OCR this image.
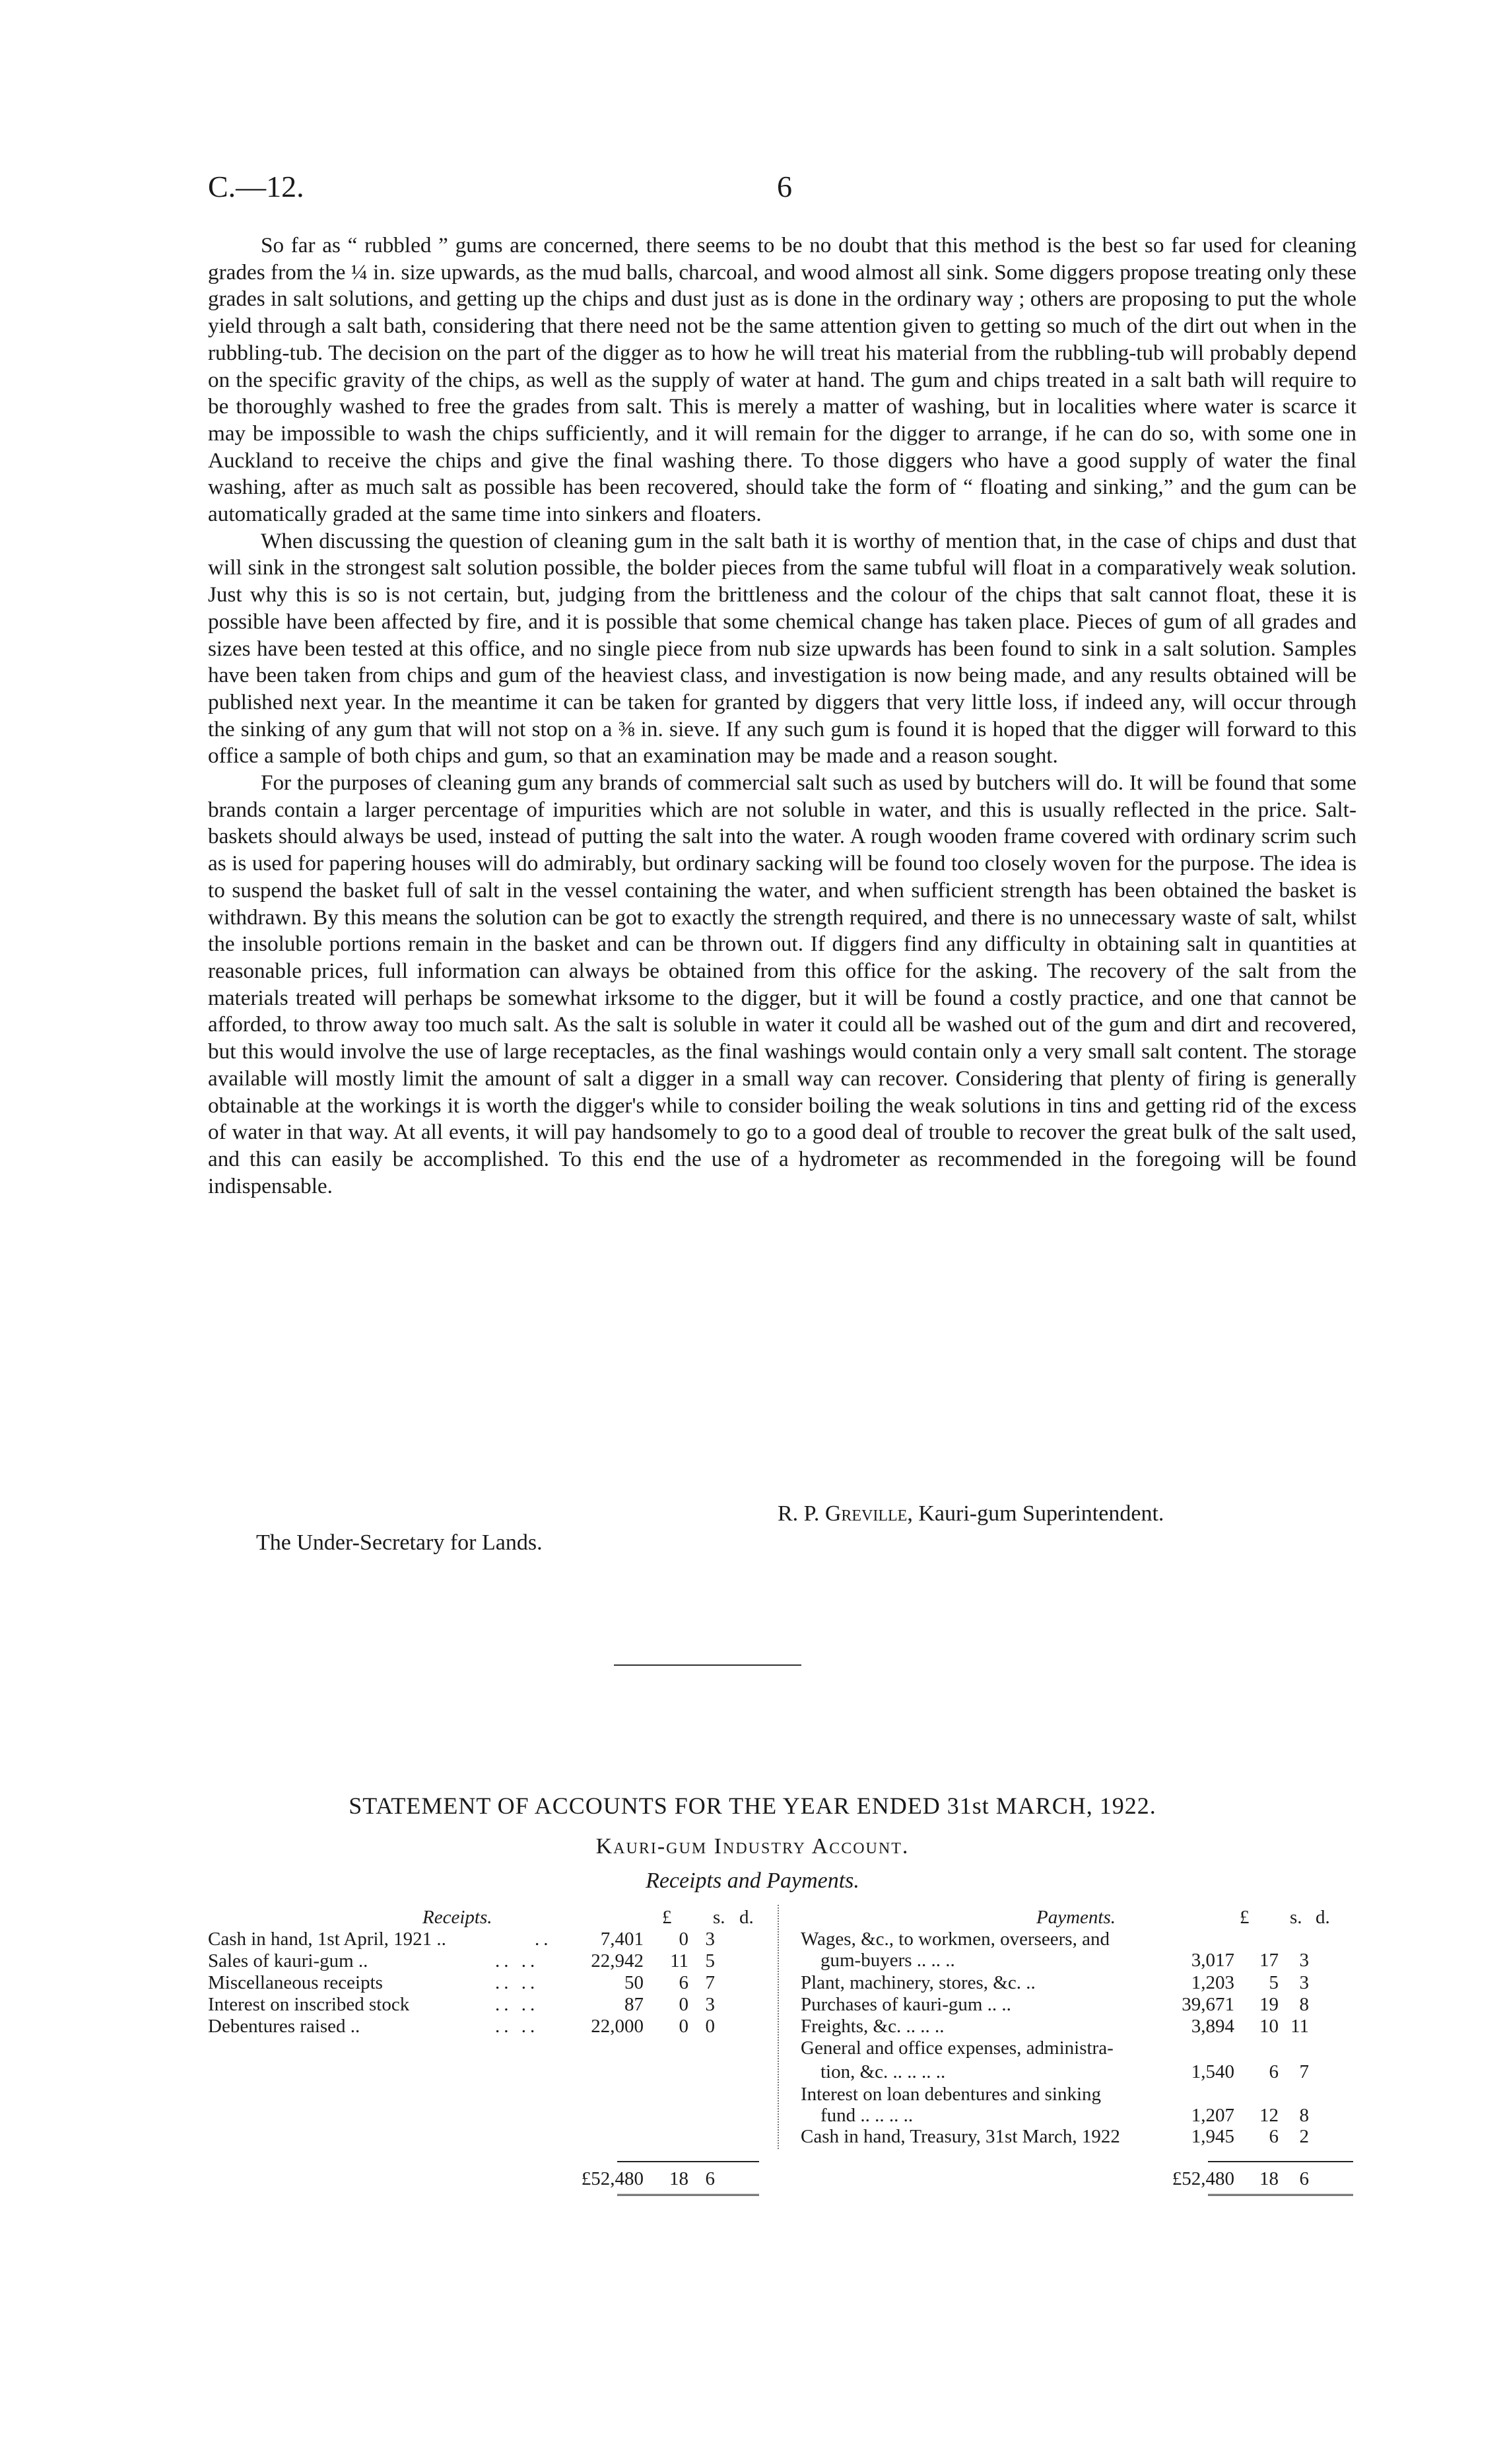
C.—12.	6

So far as “ rubbled ” gums are concerned, there seems to be no doubt that this method is the best so far used for cleaning grades from the ¼ in. size upwards, as the mud balls, charcoal, and wood almost all sink. Some diggers propose treating only these grades in salt solutions, and getting up the chips and dust just as is done in the ordinary way ; others are proposing to put the whole yield through a salt bath, considering that there need not be the same attention given to getting so much of the dirt out when in the rubbling-tub. The decision on the part of the digger as to how he will treat his material from the rubbling-tub will probably depend on the specific gravity of the chips, as well as the supply of water at hand. The gum and chips treated in a salt bath will require to be thoroughly washed to free the grades from salt. This is merely a matter of washing, but in localities where water is scarce it may be impossible to wash the chips sufficiently, and it will remain for the digger to arrange, if he can do so, with some one in Auckland to receive the chips and give the final washing there. To those diggers who have a good supply of water the final washing, after as much salt as possible has been recovered, should take the form of “ floating and sinking,” and the gum can be automatically graded at the same time into sinkers and floaters.

When discussing the question of cleaning gum in the salt bath it is worthy of mention that, in the case of chips and dust that will sink in the strongest salt solution possible, the bolder pieces from the same tubful will float in a comparatively weak solution. Just why this is so is not certain, but, judging from the brittleness and the colour of the chips that salt cannot float, these it is possible have been affected by fire, and it is possible that some chemical change has taken place. Pieces of gum of all grades and sizes have been tested at this office, and no single piece from nub size upwards has been found to sink in a salt solution. Samples have been taken from chips and gum of the heaviest class, and investigation is now being made, and any results obtained will be published next year. In the meantime it can be taken for granted by diggers that very little loss, if indeed any, will occur through the sinking of any gum that will not stop on a ⅜ in. sieve. If any such gum is found it is hoped that the digger will forward to this office a sample of both chips and gum, so that an examination may be made and a reason sought.

For the purposes of cleaning gum any brands of commercial salt such as used by butchers will do. It will be found that some brands contain a larger percentage of impurities which are not soluble in water, and this is usually reflected in the price. Salt-baskets should always be used, instead of putting the salt into the water. A rough wooden frame covered with ordinary scrim such as is used for papering houses will do admirably, but ordinary sacking will be found too closely woven for the purpose. The idea is to suspend the basket full of salt in the vessel containing the water, and when sufficient strength has been obtained the basket is withdrawn. By this means the solution can be got to exactly the strength required, and there is no unnecessary waste of salt, whilst the insoluble portions remain in the basket and can be thrown out. If diggers find any difficulty in obtaining salt in quantities at reasonable prices, full information can always be obtained from this office for the asking. The recovery of the salt from the materials treated will perhaps be somewhat irksome to the digger, but it will be found a costly practice, and one that cannot be afforded, to throw away too much salt. As the salt is soluble in water it could all be washed out of the gum and dirt and recovered, but this would involve the use of large receptacles, as the final washings would contain only a very small salt content. The storage available will mostly limit the amount of salt a digger in a small way can recover. Considering that plenty of firing is generally obtainable at the workings it is worth the digger's while to consider boiling the weak solutions in tins and getting rid of the excess of water in that way. At all events, it will pay handsomely to go to a good deal of trouble to recover the great bulk of the salt used, and this can easily be accomplished. To this end the use of a hydrometer as recommended in the foregoing will be found indispensable.

R. P. Greville, Kauri-gum Superintendent.
The Under-Secretary for Lands.
STATEMENT OF ACCOUNTS FOR THE YEAR ENDED 31st MARCH, 1922.
Kauri-gum Industry Account.
Receipts and Payments.
Receipts.	£ s. d.	Payments.	£ s. d.
Cash in hand, 1st April, 1921 ..	..	7,401 0 3
Sales of kauri-gum ..	.. ..	22,942 11 5
Miscellaneous receipts	.. ..	50 6 7
Interest on inscribed stock	.. ..	87 0 3
Debentures raised ..	.. ..	22,000 0 0
£52,480 18 6
Wages, &c., to workmen, overseers, and
gum-buyers .. .. ..	3,017 17 3
Plant, machinery, stores, &c. ..	1,203 5 3
Purchases of kauri-gum .. ..	39,671 19 8
Freights, &c. .. .. ..	3,894 10 11
General and office expenses, administra-
tion, &c. .. .. .. ..	1,540 6 7
Interest on loan debentures and sinking
fund .. .. .. ..	1,207 12 8
Cash in hand, Treasury, 31st March, 1922	1,945 6 2
£52,480 18 6
